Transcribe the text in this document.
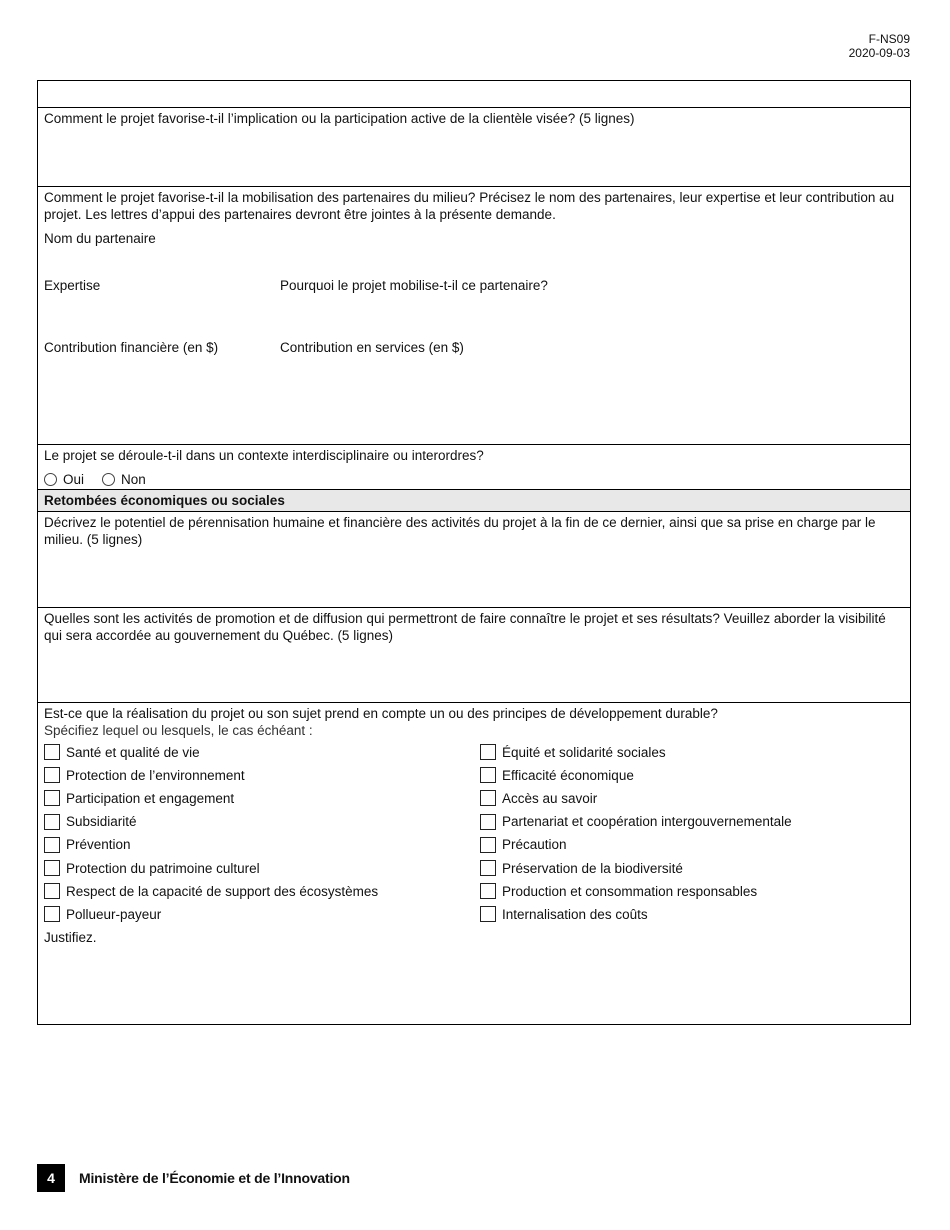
F-NS09
2020-09-03
Comment le projet favorise-t-il l’implication ou la participation active de la clientèle visée? (5 lignes)
Comment le projet favorise-t-il la mobilisation des partenaires du milieu? Précisez le nom des partenaires, leur expertise et leur contribution au projet. Les lettres d’appui des partenaires devront être jointes à la présente demande.
Nom du partenaire
Expertise	Pourquoi le projet mobilise-t-il ce partenaire?
Contribution financière (en $)	Contribution en services (en $)
Le projet se déroule-t-il dans un contexte interdisciplinaire ou interordres?
Oui	Non
Retombées économiques ou sociales
Décrivez le potentiel de pérennisation humaine et financière des activités du projet à la fin de ce dernier, ainsi que sa prise en charge par le milieu. (5 lignes)
Quelles sont les activités de promotion et de diffusion qui permettront de faire connaître le projet et ses résultats? Veuillez aborder la visibilité qui sera accordée au gouvernement du Québec. (5 lignes)
Est-ce que la réalisation du projet ou son sujet prend en compte un ou des principes de développement durable?
Spécifiez lequel ou lesquels, le cas échéant :
Santé et qualité de vie
Protection de l’environnement
Participation et engagement
Subsidiarité
Prévention
Protection du patrimoine culturel
Respect de la capacité de support des écosystèmes
Pollueur-payeur
Équité et solidarité sociales
Efficacité économique
Accès au savoir
Partenariat et coopération intergouvernementale
Précaution
Préservation de la biodiversité
Production et consommation responsables
Internalisation des coûts
Justifiez.
4	Ministère de l’Économie et de l’Innovation
